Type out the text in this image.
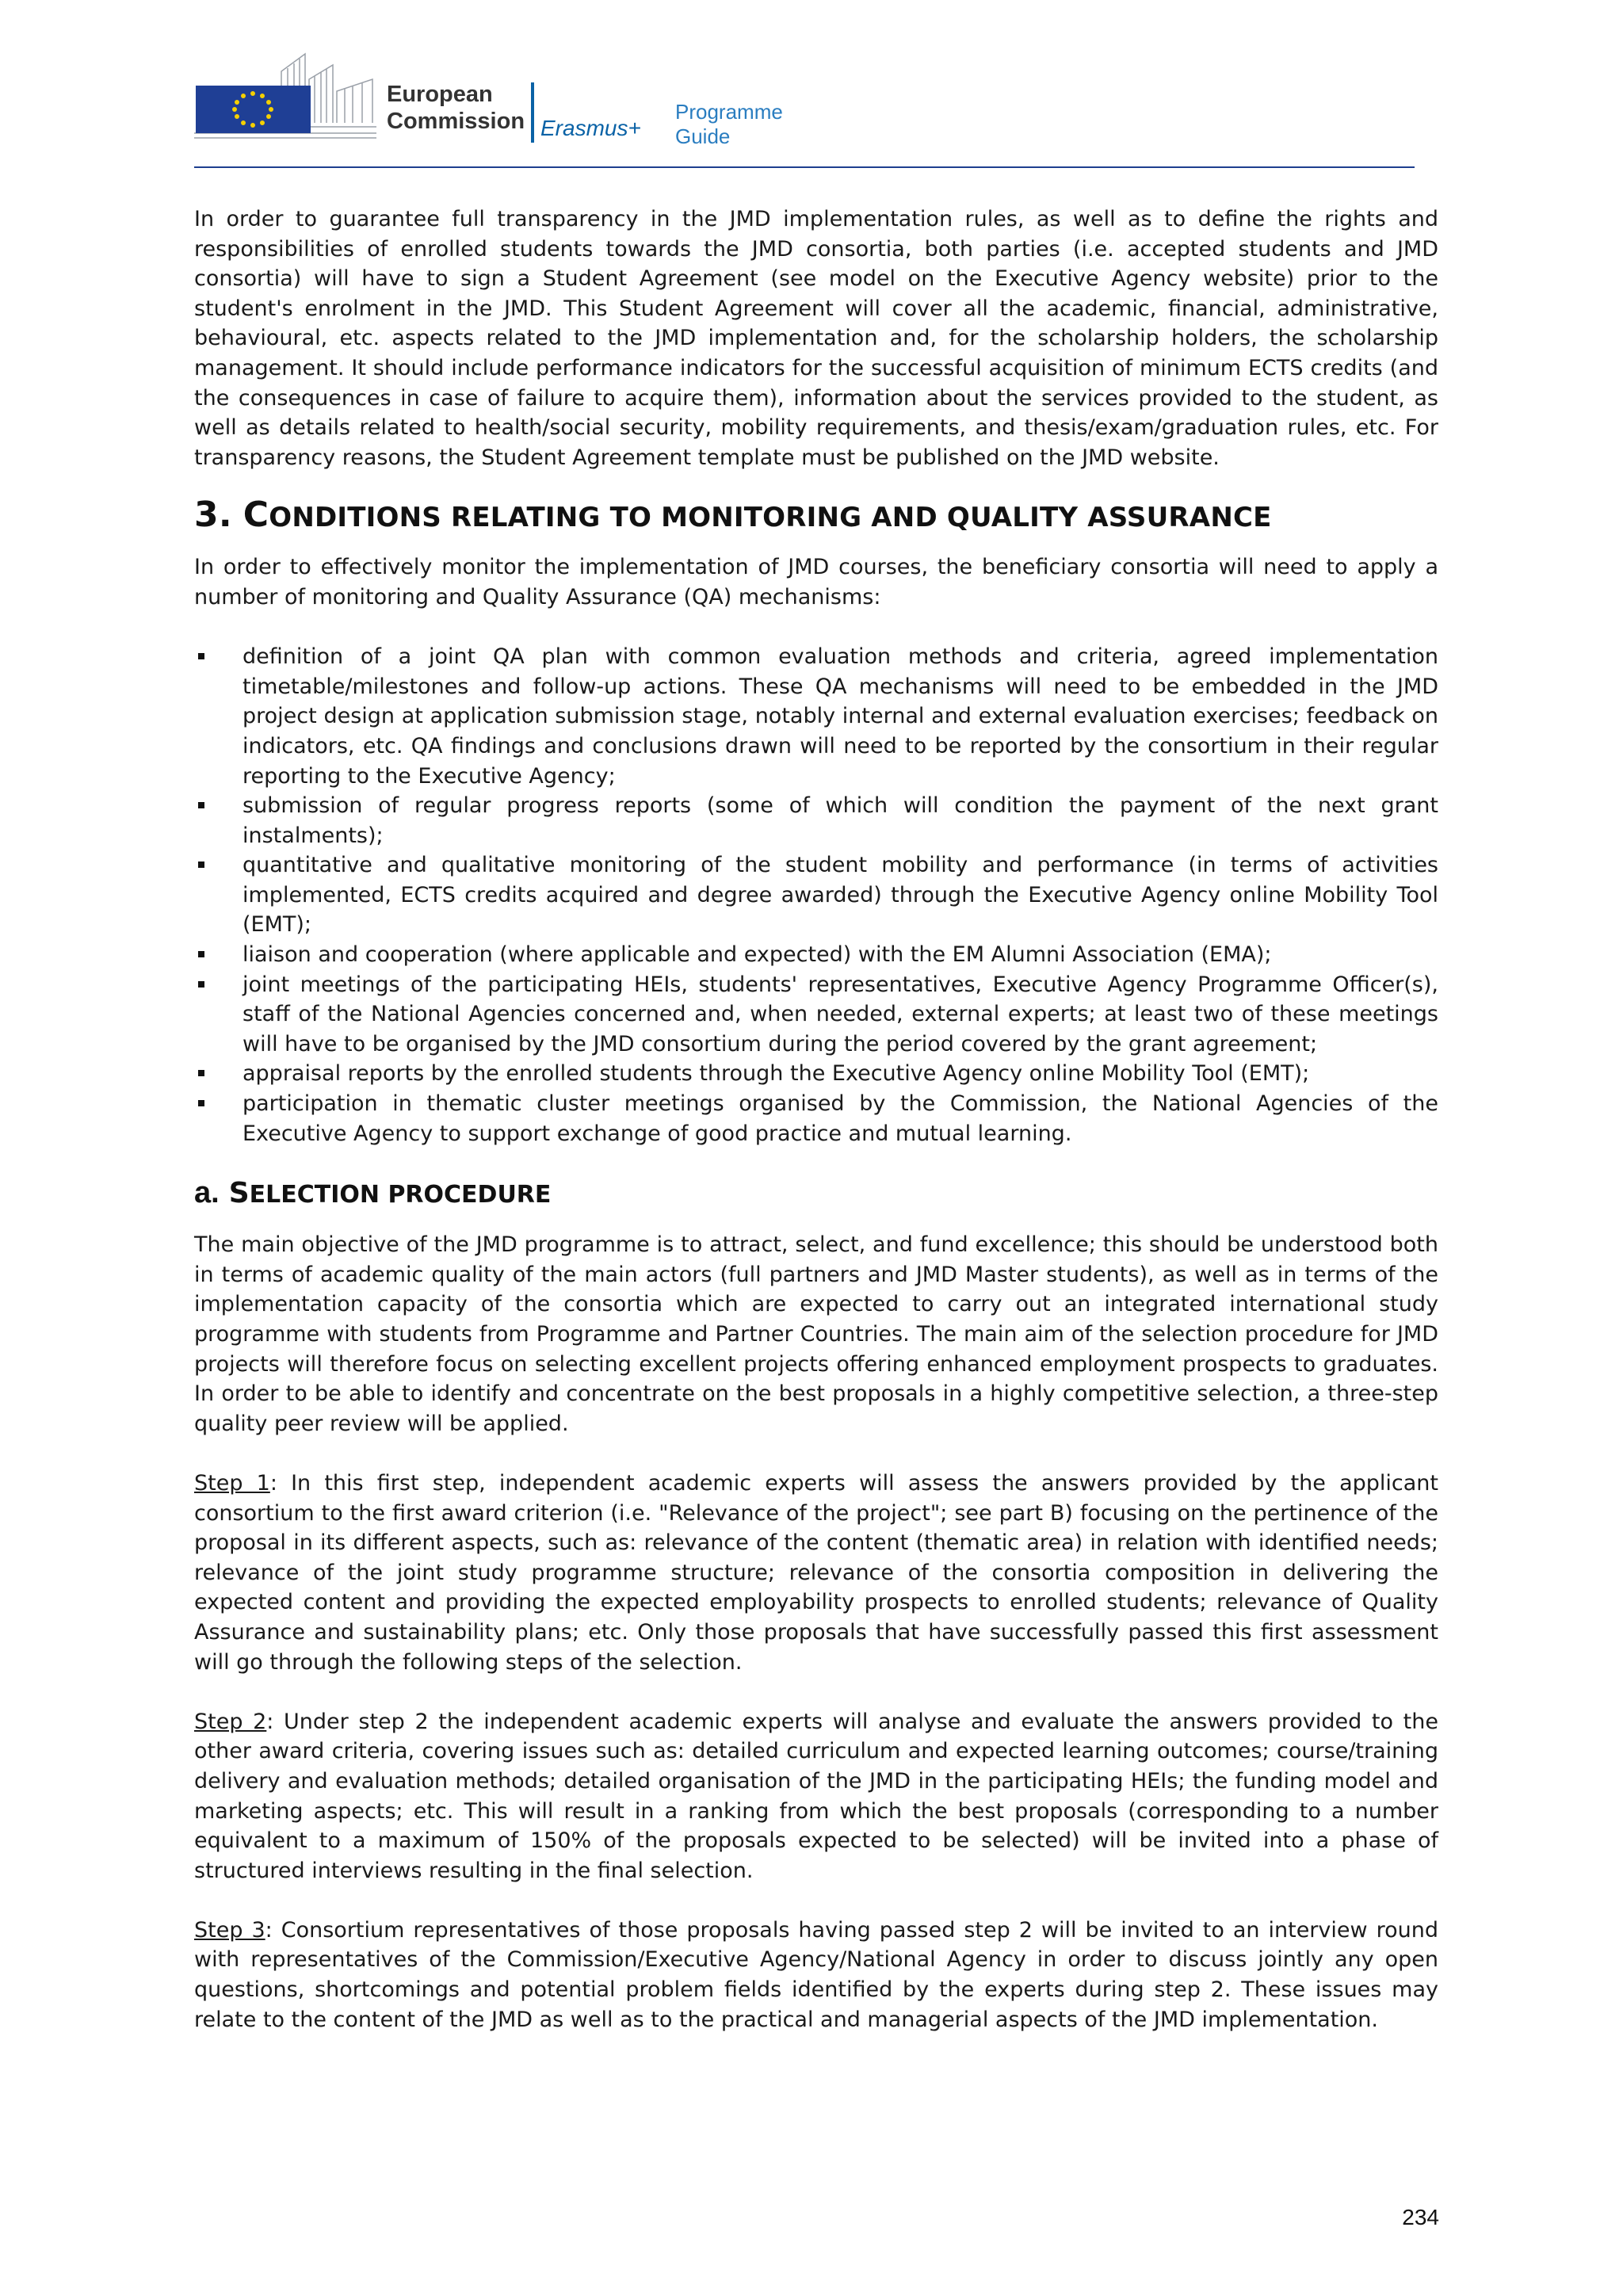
European
Commission Erasmus+
Programme
Guide

In order to guarantee full transparency in the JMD implementation rules, as well as to define the rights and responsibilities of enrolled students towards the JMD consortia, both parties (i.e. accepted students and JMD consortia) will have to sign a Student Agreement (see model on the Executive Agency website) prior to the student's enrolment in the JMD. This Student Agreement will cover all the academic, financial, administrative, behavioural, etc. aspects related to the JMD implementation and, for the scholarship holders, the scholarship management. It should include performance indicators for the successful acquisition of minimum ECTS credits (and the consequences in case of failure to acquire them), information about the services provided to the student, as well as details related to health/social security, mobility requirements, and thesis/exam/graduation rules, etc. For transparency reasons, the Student Agreement template must be published on the JMD website.

3. CONDITIONS RELATING TO MONITORING AND QUALITY ASSURANCE

In order to effectively monitor the implementation of JMD courses, the beneficiary consortia will need to apply a number of monitoring and Quality Assurance (QA) mechanisms:

definition of a joint QA plan with common evaluation methods and criteria, agreed implementation timetable/milestones and follow-up actions. These QA mechanisms will need to be embedded in the JMD project design at application submission stage, notably internal and external evaluation exercises; feedback on indicators, etc. QA findings and conclusions drawn will need to be reported by the consortium in their regular reporting to the Executive Agency;
submission of regular progress reports (some of which will condition the payment of the next grant instalments);
quantitative and qualitative monitoring of the student mobility and performance (in terms of activities implemented, ECTS credits acquired and degree awarded) through the Executive Agency online Mobility Tool (EMT);
liaison and cooperation (where applicable and expected) with the EM Alumni Association (EMA);
joint meetings of the participating HEIs, students' representatives, Executive Agency Programme Officer(s), staff of the National Agencies concerned and, when needed, external experts; at least two of these meetings will have to be organised by the JMD consortium during the period covered by the grant agreement;
appraisal reports by the enrolled students through the Executive Agency online Mobility Tool (EMT);
participation in thematic cluster meetings organised by the Commission, the National Agencies of the Executive Agency to support exchange of good practice and mutual learning.
a. SELECTION PROCEDURE

The main objective of the JMD programme is to attract, select, and fund excellence; this should be understood both in terms of academic quality of the main actors (full partners and JMD Master students), as well as in terms of the implementation capacity of the consortia which are expected to carry out an integrated international study programme with students from Programme and Partner Countries. The main aim of the selection procedure for JMD projects will therefore focus on selecting excellent projects offering enhanced employment prospects to graduates. In order to be able to identify and concentrate on the best proposals in a highly competitive selection, a three-step quality peer review will be applied.

Step 1: In this first step, independent academic experts will assess the answers provided by the applicant consortium to the first award criterion (i.e. "Relevance of the project"; see part B) focusing on the pertinence of the proposal in its different aspects, such as: relevance of the content (thematic area) in relation with identified needs; relevance of the joint study programme structure; relevance of the consortia composition in delivering the expected content and providing the expected employability prospects to enrolled students; relevance of Quality Assurance and sustainability plans; etc. Only those proposals that have successfully passed this first assessment will go through the following steps of the selection.

Step 2: Under step 2 the independent academic experts will analyse and evaluate the answers provided to the other award criteria, covering issues such as: detailed curriculum and expected learning outcomes; course/training delivery and evaluation methods; detailed organisation of the JMD in the participating HEIs; the funding model and marketing aspects; etc. This will result in a ranking from which the best proposals (corresponding to a number equivalent to a maximum of 150% of the proposals expected to be selected) will be invited into a phase of structured interviews resulting in the final selection.

Step 3: Consortium representatives of those proposals having passed step 2 will be invited to an interview round with representatives of the Commission/Executive Agency/National Agency in order to discuss jointly any open questions, shortcomings and potential problem fields identified by the experts during step 2. These issues may relate to the content of the JMD as well as to the practical and managerial aspects of the JMD implementation.

234
